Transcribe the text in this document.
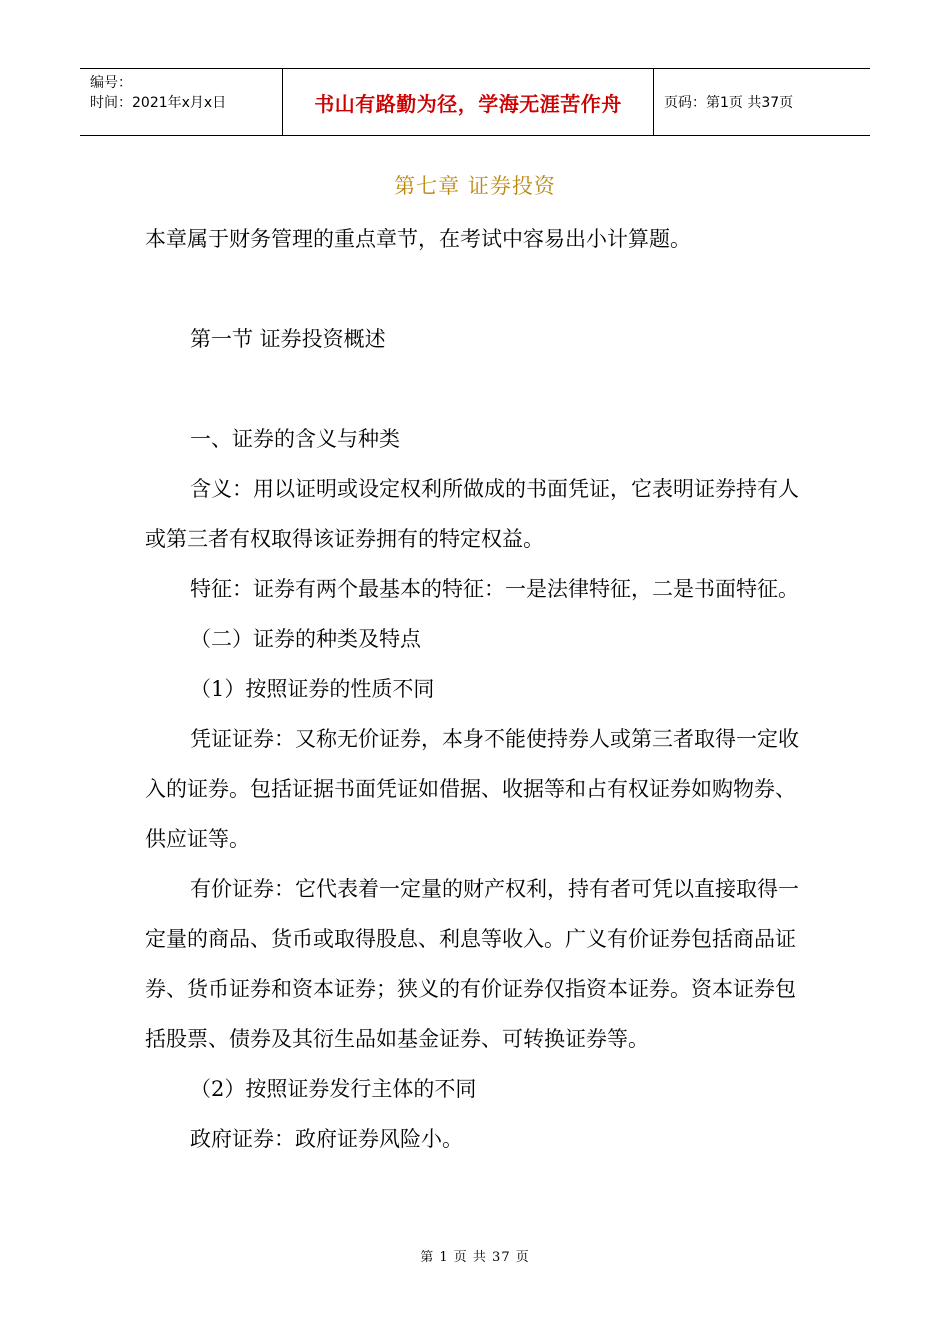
编号：
时间：2021年x月x日	书山有路勤为径，学海无涯苦作舟	页码：第1页 共37页
第七章 证券投资

本章属于财务管理的重点章节，在考试中容易出小计算题。

第一节 证券投资概述

一、证券的含义与种类

含义：用以证明或设定权利所做成的书面凭证，它表明证券持有人或第三者有权取得该证券拥有的特定权益。

特征：证券有两个最基本的特征：一是法律特征，二是书面特征。

（二）证券的种类及特点

（1）按照证券的性质不同

凭证证券：又称无价证券，本身不能使持券人或第三者取得一定收入的证券。包括证据书面凭证如借据、收据等和占有权证券如购物券、供应证等。

有价证券：它代表着一定量的财产权利，持有者可凭以直接取得一定量的商品、货币或取得股息、利息等收入。广义有价证券包括商品证券、货币证券和资本证券；狭义的有价证券仅指资本证券。资本证券包括股票、债券及其衍生品如基金证券、可转换证券等。

（2）按照证券发行主体的不同

政府证券：政府证券风险小。

第 1 页 共 37 页
